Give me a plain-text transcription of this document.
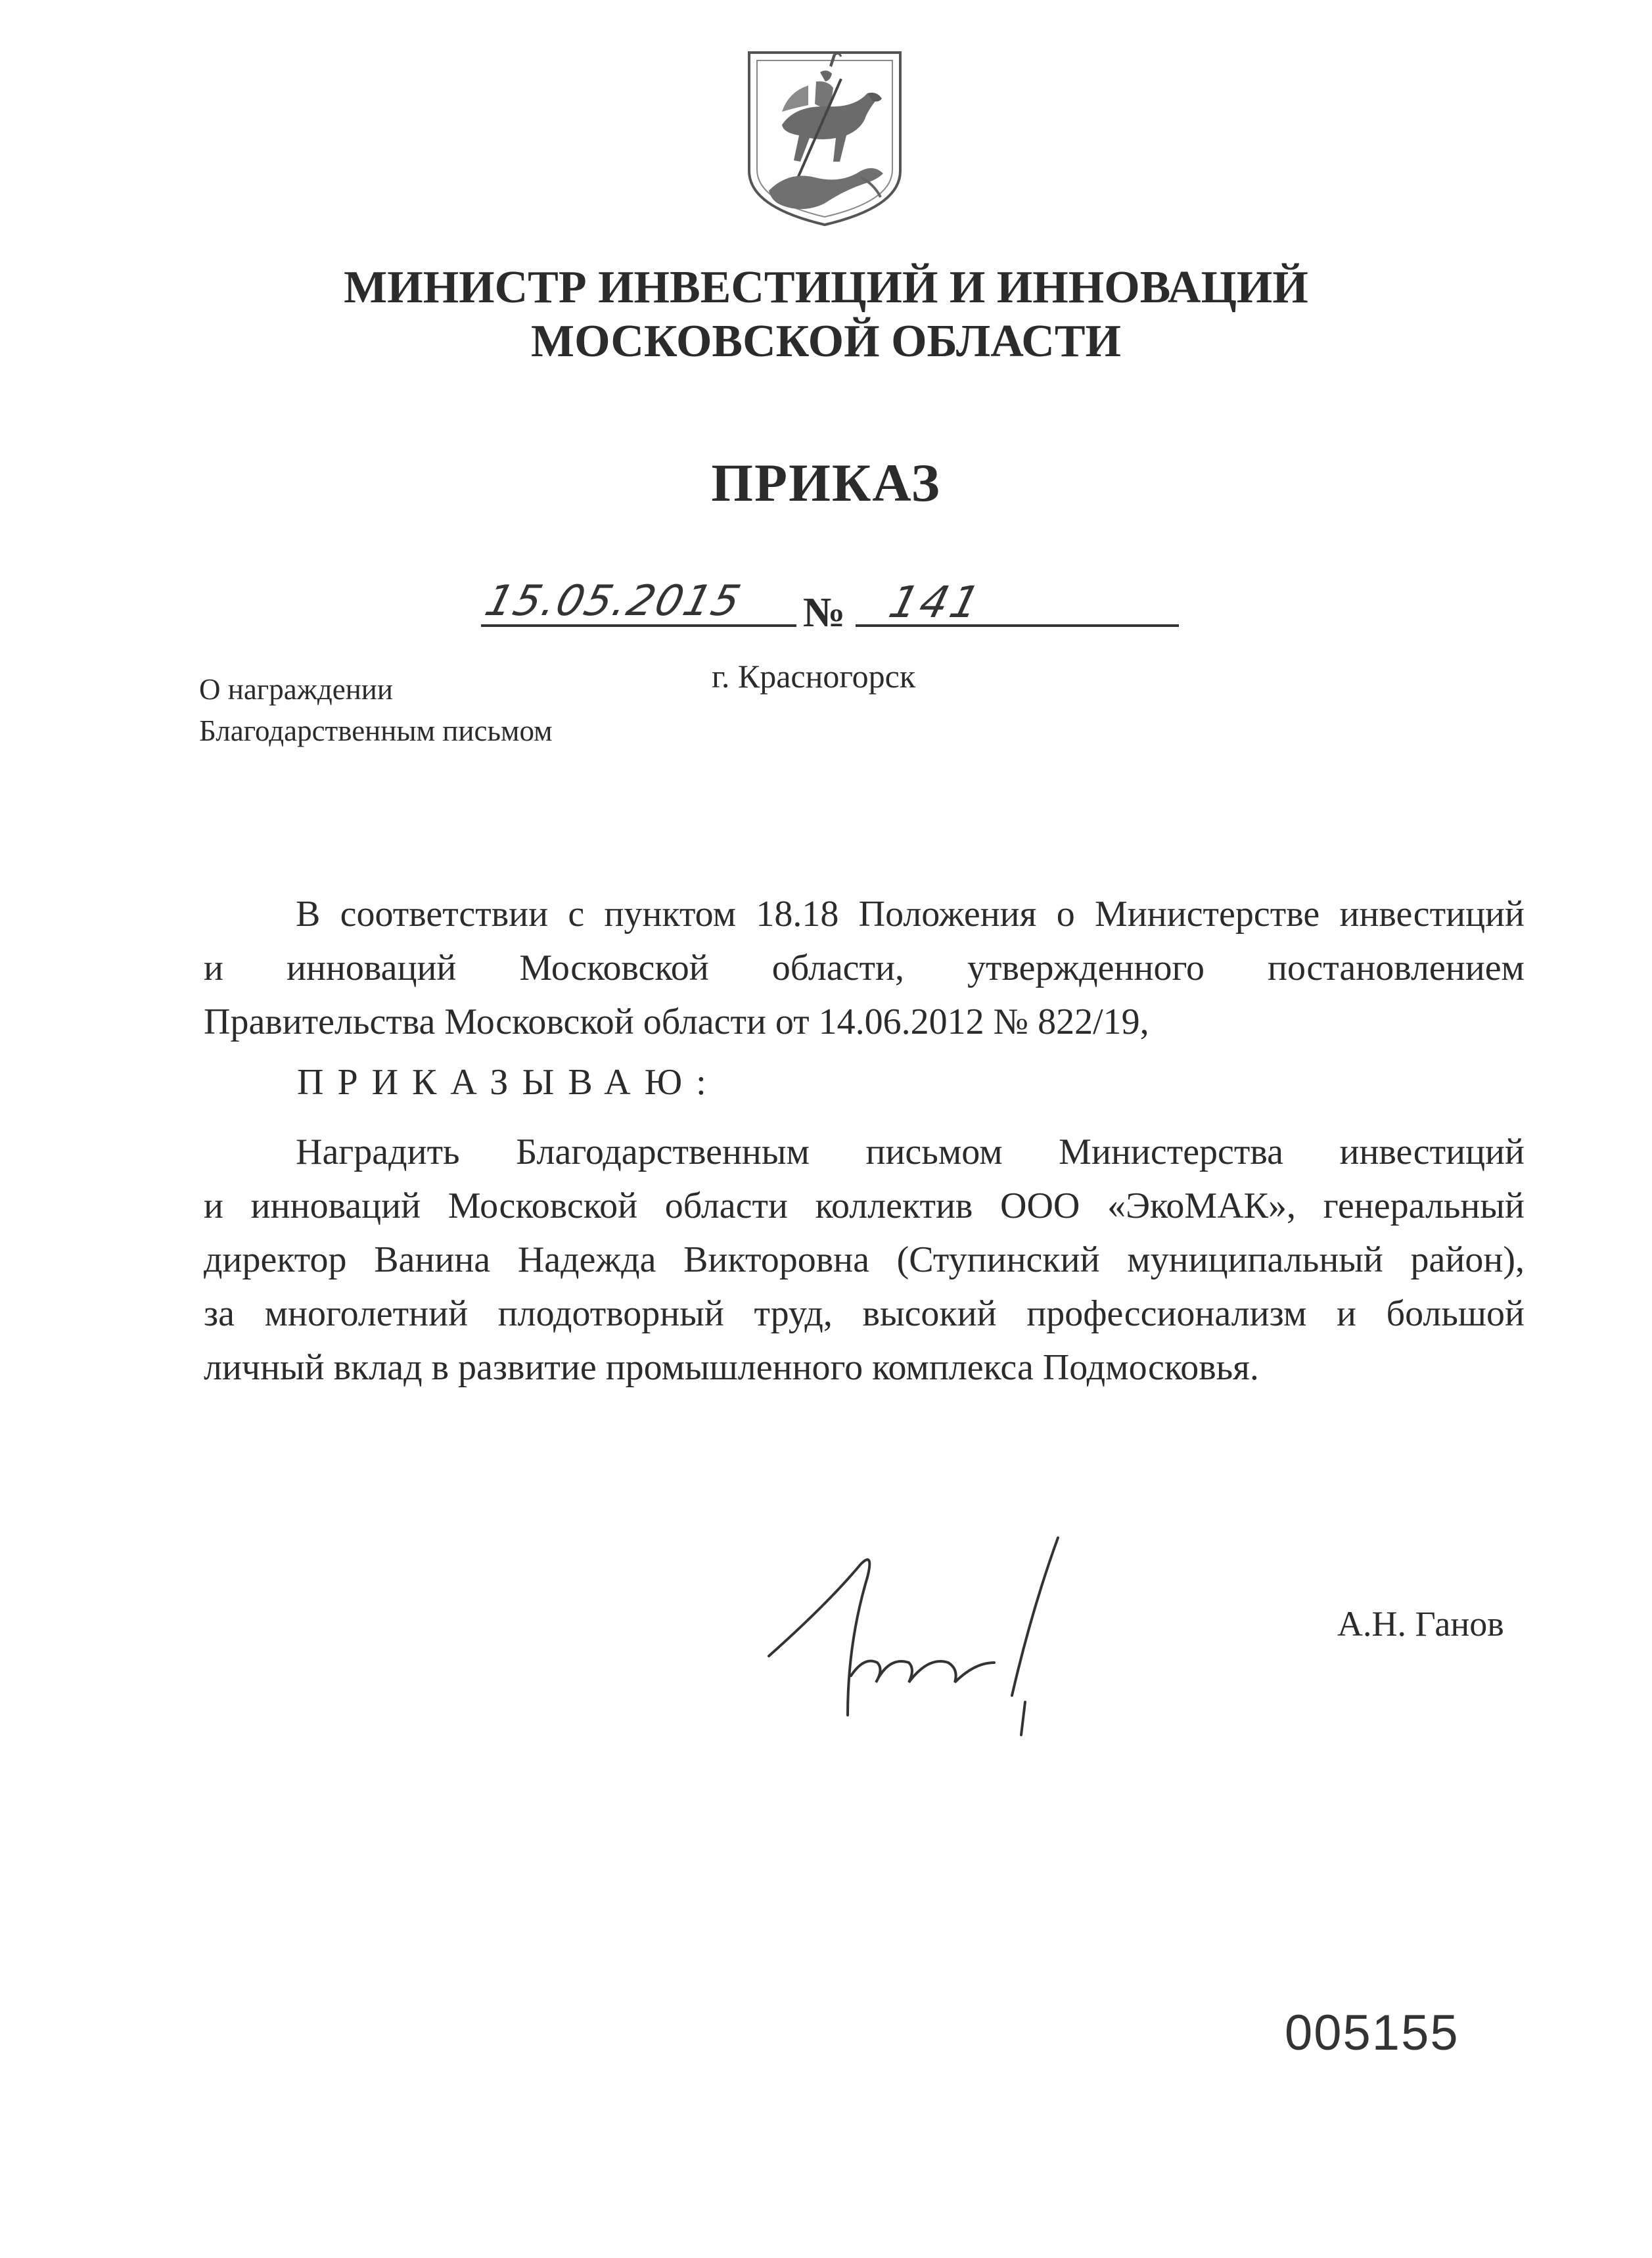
МИНИСТР ИНВЕСТИЦИЙ И ИННОВАЦИЙ
МОСКОВСКОЙ ОБЛАСТИ
ПРИКАЗ
15.05.2015	№ 141
г. Красногорск
О награждении
Благодарственным письмом
В соответствии с пунктом 18.18 Положения о Министерстве инвестиций
и инноваций Московской области, утвержденного постановлением
Правительства Московской области от 14.06.2012 № 822/19,
ПРИКАЗЫВАЮ:
Наградить Благодарственным письмом Министерства инвестиций
и инноваций Московской области коллектив ООО «ЭкоМАК», генеральный
директор Ванина Надежда Викторовна (Ступинский муниципальный район),
за многолетний плодотворный труд, высокий профессионализм и большой
личный вклад в развитие промышленного комплекса Подмосковья.
А.Н. Ганов
005155
